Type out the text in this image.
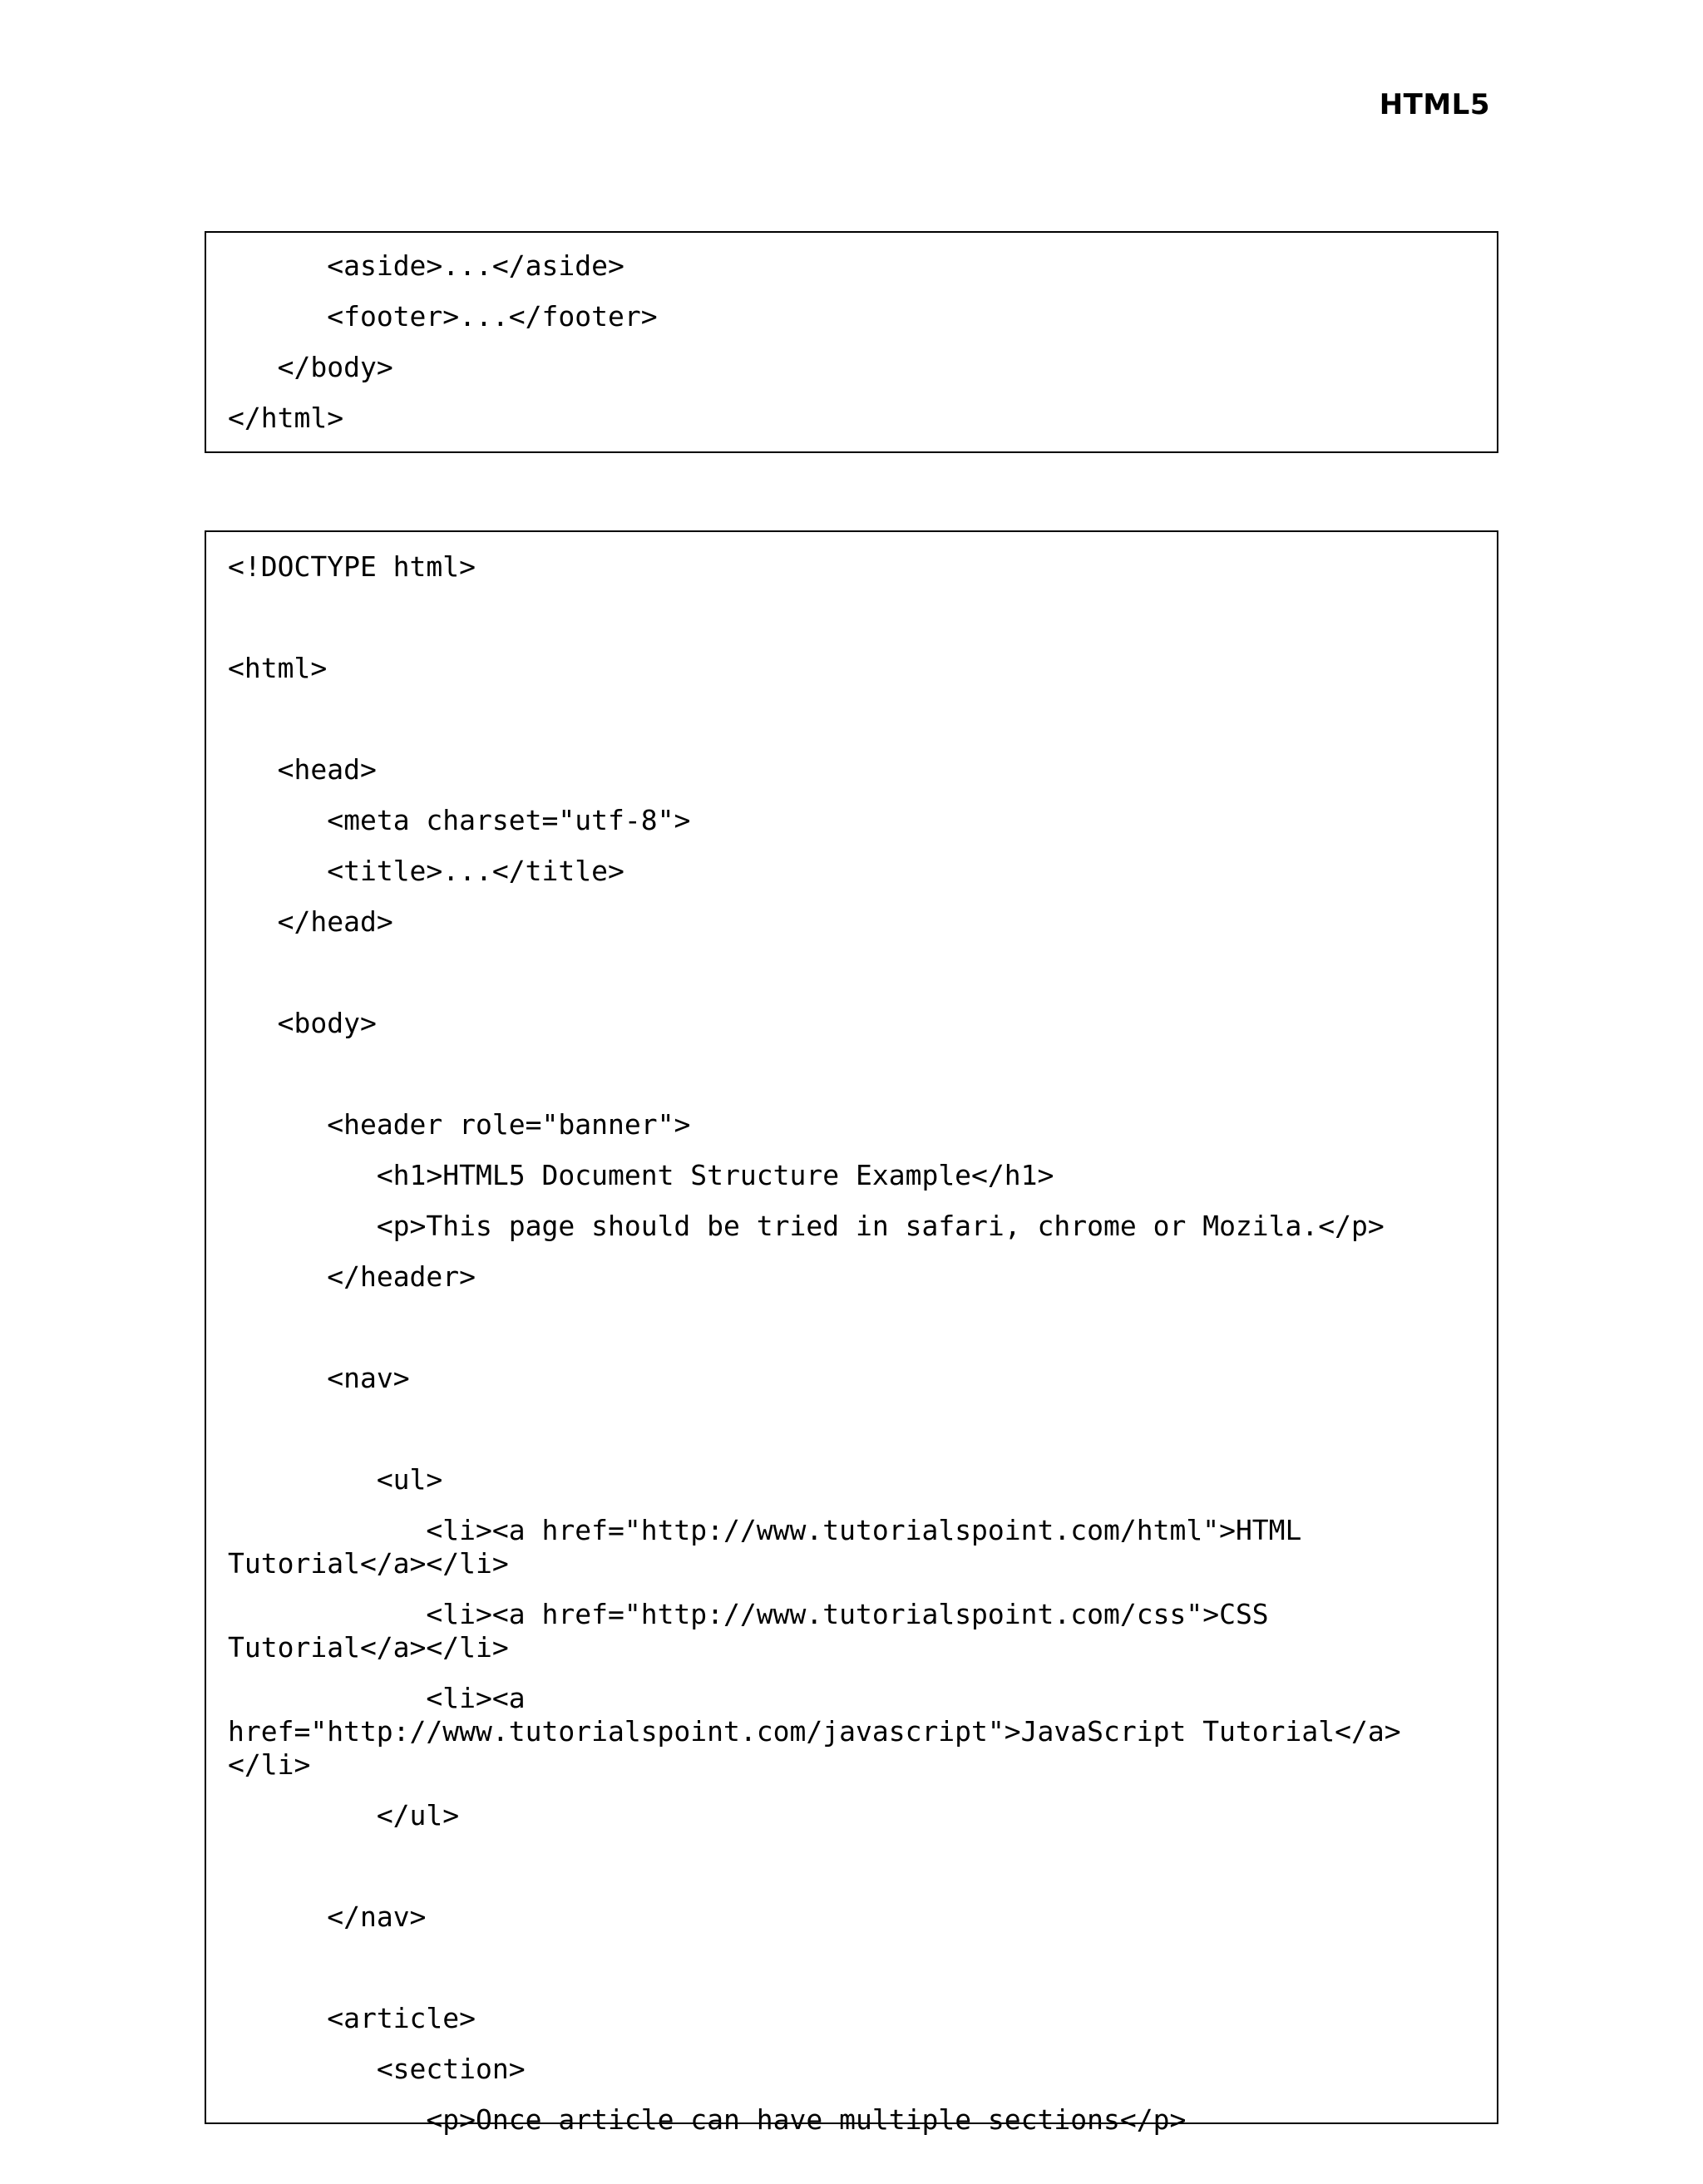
HTML5
<aside>...</aside>
<footer>...</footer>
</body>
</html>
<!DOCTYPE html>
<html>
<head>
<meta charset="utf-8">
<title>...</title>
</head>
<body>
<header role="banner">
<h1>HTML5 Document Structure Example</h1>
<p>This page should be tried in safari, chrome or Mozila.</p>
</header>
<nav>
<ul>
<li><a href="http://www.tutorialspoint.com/html">HTML Tutorial</a></li>
<li><a href="http://www.tutorialspoint.com/css">CSS Tutorial</a></li>
<li><a href="http://www.tutorialspoint.com/javascript">JavaScript Tutorial</a></li>
</ul>
</nav>
<article>
<section>
<p>Once article can have multiple sections</p>
